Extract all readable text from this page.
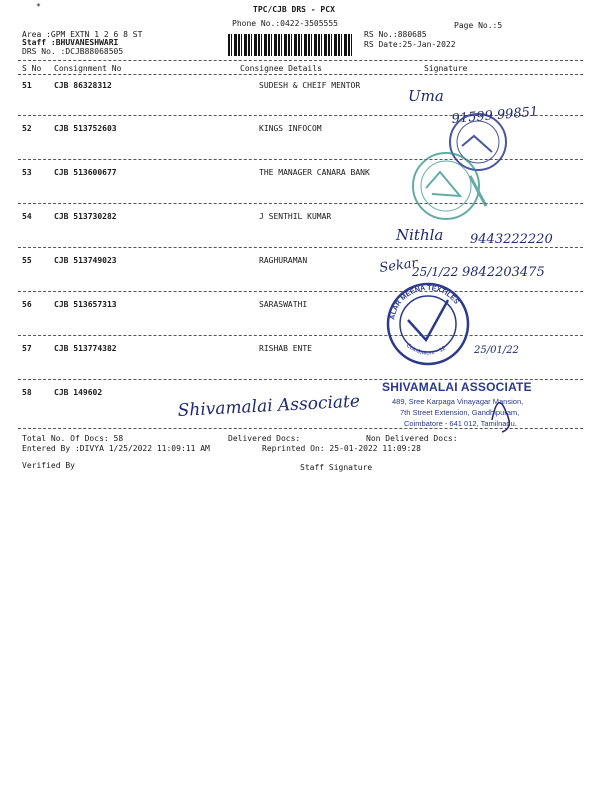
*	TPC/CJB DRS - PCX
Phone No.:0422-3505555	Page No.:5
Area :GPM EXTN 1 2 6 8 ST
Staff :BHUVANESHWARI
DRS No. :DCJB88068505
RS No.:880685
RS Date:25-Jan-2022
S No Consignment No	Consignee Details	Signature
51	CJB 86328312	SUDESH & CHEIF MENTOR
52	CJB 513752603	KINGS INFOCOM
53	CJB 513600677	THE MANAGER CANARA BANK
54	CJB 513730282	J SENTHIL KUMAR
55	CJB 513749023	RAGHURAMAN
56	CJB 513657313	SARASWATHI
57	CJB 513774382	RISHAB ENTE
58	CJB 149602
Uma
91599 99851
Nithla 9443222220
Sekar
25/1/22 9842203475
ALAR MEENA TEXTILES
Coimbatore - 12	25/01/22
Shivamalai Associate
SHIVAMALAI ASSOCIATE
489, Sree Karpaga Vinayagar Mansion,
7th Street Extension, Gandhipuram,
Coimbatore - 641 012, Tamilnadu.
Total No. Of Docs: 58	Delivered Docs:	Non Delivered Docs:
Entered By :DIVYA 1/25/2022 11:09:11 AM	Reprinted On: 25-01-2022 11:09:28
Verified By	Staff Signature
